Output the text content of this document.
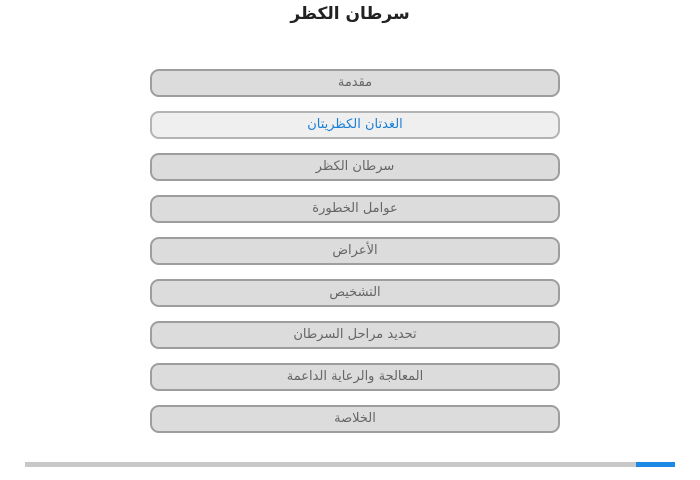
سرطان الكظر
مقدمة
الغدتان الكظريتان
سرطان الكظر
عوامل الخطورة
الأعراض
التشخيص
تحديد مراحل السرطان
المعالجة والرعاية الداعمة
الخلاصة
